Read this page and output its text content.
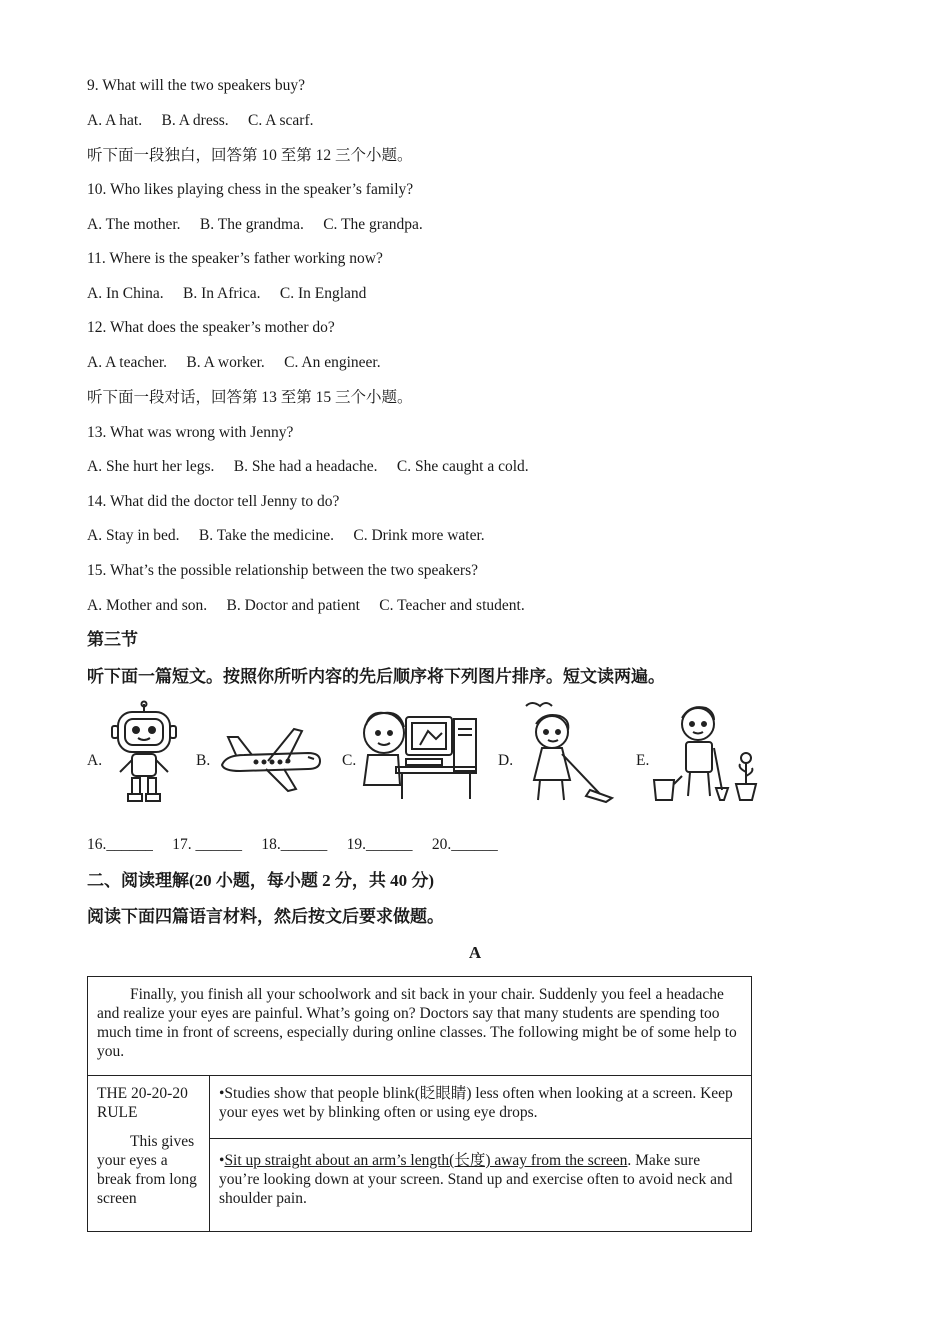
9. What will the two speakers buy?
A. A hat.     B. A dress.     C. A scarf.
听下面一段独白，回答第 10 至第 12 三个小题。
10. Who likes playing chess in the speaker’s family?
A. The mother.     B. The grandma.     C. The grandpa.
11. Where is the speaker’s father working now?
A. In China.     B. In Africa.     C. In England
12. What does the speaker’s mother do?
A. A teacher.     B. A worker.     C. An engineer.
听下面一段对话，回答第 13 至第 15 三个小题。
13. What was wrong with Jenny?
A. She hurt her legs.     B. She had a headache.     C. She caught a cold.
14. What did the doctor tell Jenny to do?
A. Stay in bed.     B. Take the medicine.     C. Drink more water.
15. What’s the possible relationship between the two speakers?
A. Mother and son.     B. Doctor and patient     C. Teacher and student.
第三节
听下面一篇短文。按照你所听内容的先后顺序将下列图片排序。短文读两遍。
A.	B.	C.	D.	E.
16.______     17. ______     18.______     19.______     20.______
二、阅读理解(20 小题，每小题 2 分，共 40 分)
阅读下面四篇语言材料，然后按文后要求做题。
A
Finally, you finish all your schoolwork and sit back in your chair. Suddenly you feel a headache and realize your eyes are painful. What’s going on? Doctors say that many students are spending too much time in front of screens, especially during online classes. The following might be of some help to you.

THE 20-20-20 RULE
This gives your eyes a break from long screen
	•Studies show that people blink(眨眼睛) less often when looking at a screen. Keep your eyes wet by blinking often or using eye drops.
•Sit up straight about an arm’s length(长度) away from the screen. Make sure you’re looking down at your screen. Stand up and exercise often to avoid neck and shoulder pain.
